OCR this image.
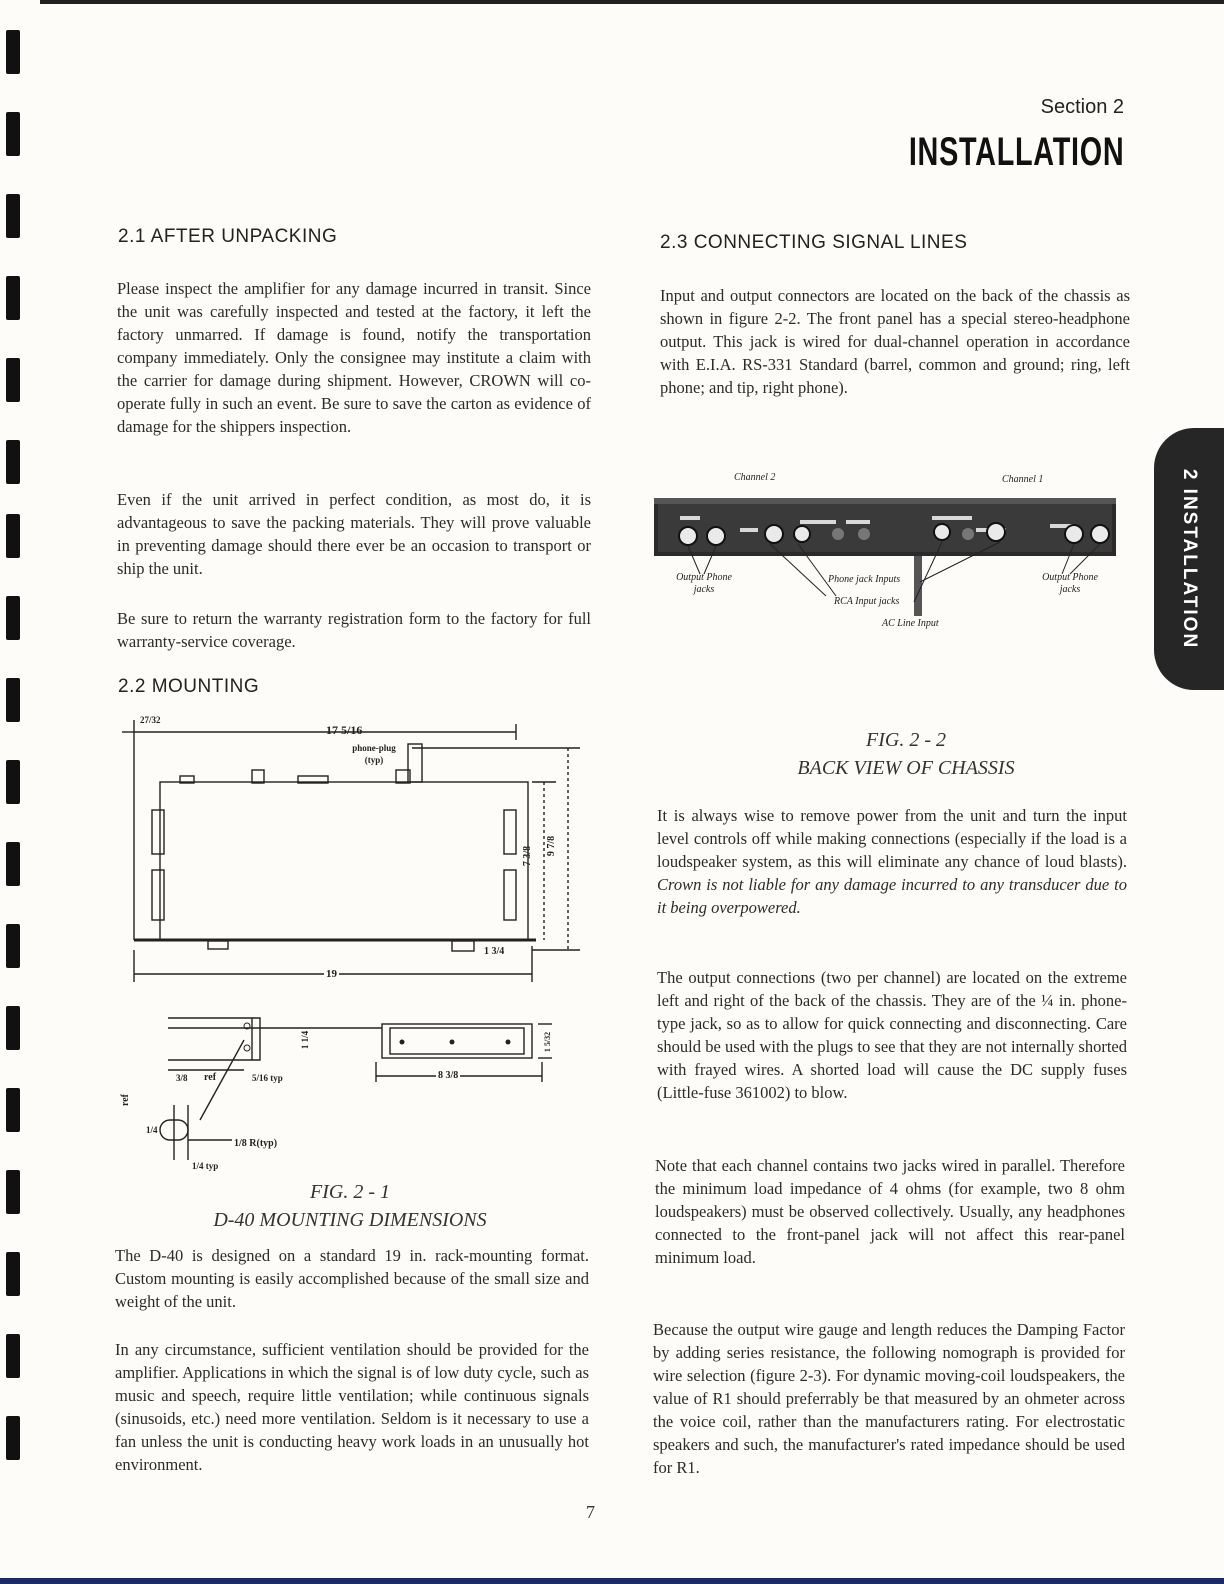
Section 2
INSTALLATION
2 INSTALLATION
2.1 AFTER UNPACKING

Please inspect the amplifier for any damage incurred in transit. Since the unit was carefully inspected and tested at the factory, it left the factory unmarred. If damage is found, notify the transportation company immediately. Only the consignee may institute a claim with the carrier for damage during shipment. However, CROWN will co-operate fully in such an event. Be sure to save the carton as evidence of damage for the shippers inspection.

Even if the unit arrived in perfect condition, as most do, it is advantageous to save the packing materials. They will prove valuable in preventing damage should there ever be an occasion to transport or ship the unit.

Be sure to return the warranty registration form to the factory for full warranty-service coverage.

2.2 MOUNTING
17 5/16
phone-plug (typ)
27/32
7 3/8 9 7/8
19
1 3/4
ref
ref
5/16 typ
3/8	8 3/8
1/8 R(typ)
1/4 typ
1/4
1 1/4	1 5/32
FIG. 2 - 1
D-40 MOUNTING DIMENSIONS

The D-40 is designed on a standard 19 in. rack-mounting format. Custom mounting is easily accomplished because of the small size and weight of the unit.

In any circumstance, sufficient ventilation should be provided for the amplifier. Applications in which the signal is of low duty cycle, such as music and speech, require little ventilation; while continuous signals (sinusoids, etc.) need more ventilation. Seldom is it necessary to use a fan unless the unit is conducting heavy work loads in an unusually hot environment.

2.3 CONNECTING SIGNAL LINES

Input and output connectors are located on the back of the chassis as shown in figure 2-2. The front panel has a special stereo-headphone output. This jack is wired for dual-channel operation in accordance with E.I.A. RS-331 Standard (barrel, common and ground; ring, left phone; and tip, right phone).

Channel 2	Channel 1
Output Phone jacks
Output Phone jacks
Phone jack Inputs
RCA Input jacks
AC Line Input
FIG. 2 - 2
BACK VIEW OF CHASSIS

It is always wise to remove power from the unit and turn the input level controls off while making connections (especially if the load is a loudspeaker system, as this will eliminate any chance of loud blasts). Crown is not liable for any damage incurred to any transducer due to it being overpowered.

The output connections (two per channel) are located on the extreme left and right of the back of the chassis. They are of the ¼ in. phone-type jack, so as to allow for quick connecting and disconnecting. Care should be used with the plugs to see that they are not internally shorted with frayed wires. A shorted load will cause the DC supply fuses (Little-fuse 361002) to blow.

Note that each channel contains two jacks wired in parallel. Therefore the minimum load impedance of 4 ohms (for example, two 8 ohm loudspeakers) must be observed collectively. Usually, any headphones connected to the front-panel jack will not affect this rear-panel minimum load.

Because the output wire gauge and length reduces the Damping Factor by adding series resistance, the following nomograph is provided for wire selection (figure 2-3). For dynamic moving-coil loudspeakers, the value of R1 should preferrably be that measured by an ohmeter across the voice coil, rather than the manufacturers rating. For electrostatic speakers and such, the manufacturer's rated impedance should be used for R1.

7
